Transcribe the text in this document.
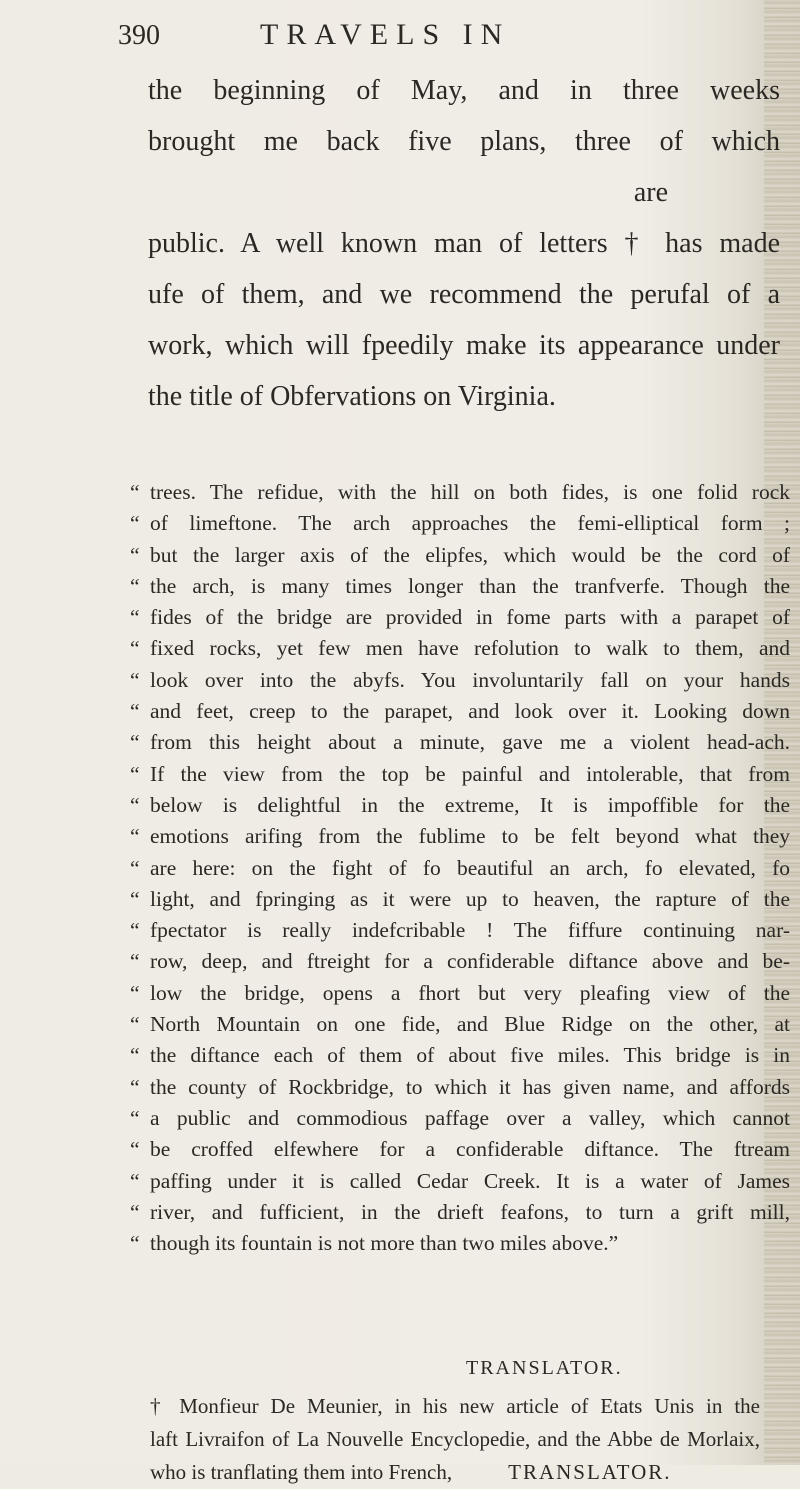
390	TRAVELS IN
the beginning of May, and in three weeks
brought me back five plans, three of which
are
public. A well known man of letters † has made
ufe of them, and we recommend the perufal of a
work, which will fpeedily make its appearance under
the title of Obfervations on Virginia.
“ trees. The refidue, with the hill on both fides, is one folid rock
“ of limeftone. The arch approaches the femi-elliptical form ;
“ but the larger axis of the elipfes, which would be the cord of
“ the arch, is many times longer than the tranfverfe. Though the
“ fides of the bridge are provided in fome parts with a parapet of
“ fixed rocks, yet few men have refolution to walk to them, and
“ look over into the abyfs. You involuntarily fall on your hands
“ and feet, creep to the parapet, and look over it. Looking down
“ from this height about a minute, gave me a violent head-ach.
“ If the view from the top be painful and intolerable, that from
“ below is delightful in the extreme, It is impoffible for the
“ emotions arifing from the fublime to be felt beyond what they
“ are here: on the fight of fo beautiful an arch, fo elevated, fo
“ light, and fpringing as it were up to heaven, the rapture of the
“ fpectator is really indefcribable ! The fiffure continuing nar-
“ row, deep, and ftreight for a confiderable diftance above and be-
“ low the bridge, opens a fhort but very pleafing view of the
“ North Mountain on one fide, and Blue Ridge on the other, at
“ the diftance each of them of about five miles. This bridge is in
“ the county of Rockbridge, to which it has given name, and affords
“ a public and commodious paffage over a valley, which cannot
“ be croffed elfewhere for a confiderable diftance. The ftream
“ paffing under it is called Cedar Creek. It is a water of James
“ river, and fufficient, in the drieft feafons, to turn a grift mill,
“ though its fountain is not more than two miles above.”
TRANSLATOR.
† Monfieur De Meunier, in his new article of Etats Unis in the
laft Livraifon of La Nouvelle Encyclopedie, and the Abbe de Morlaix,
who is tranflating them into French,	TRANSLATOR.
